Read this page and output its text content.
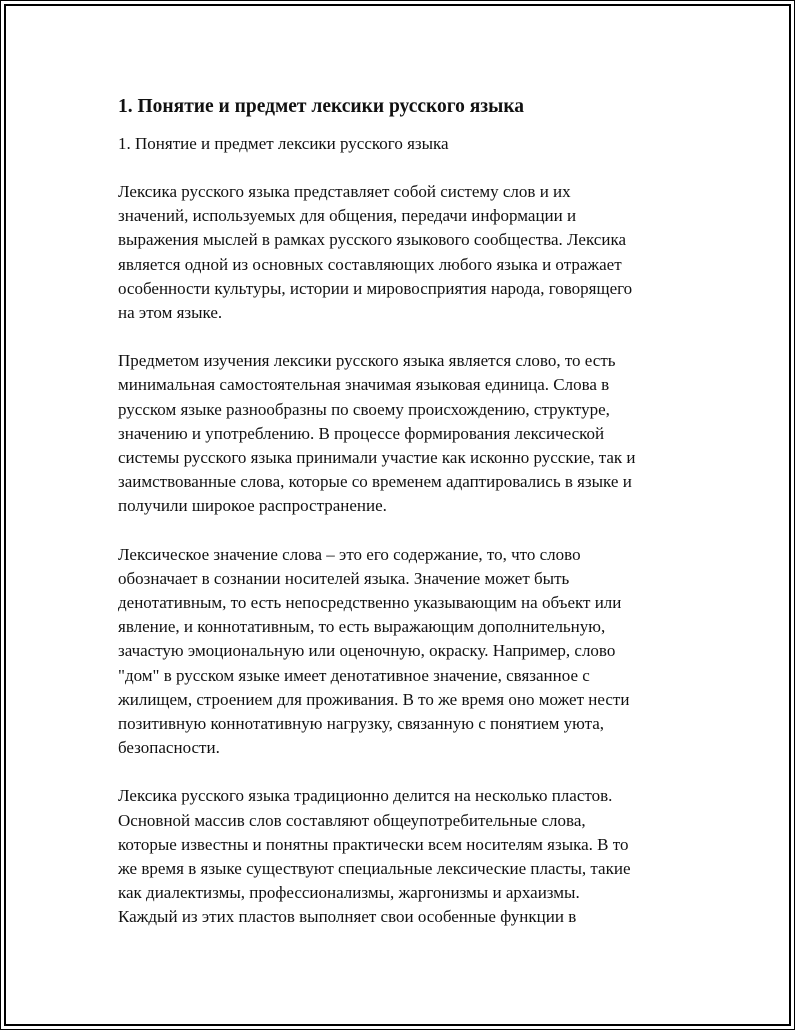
1. Понятие и предмет лексики русского языка
1. Понятие и предмет лексики русского языка
Лексика русского языка представляет собой систему слов и их
значений, используемых для общения, передачи информации и
выражения мыслей в рамках русского языкового сообщества. Лексика
является одной из основных составляющих любого языка и отражает
особенности культуры, истории и мировосприятия народа, говорящего
на этом языке.
Предметом изучения лексики русского языка является слово, то есть
минимальная самостоятельная значимая языковая единица. Слова в
русском языке разнообразны по своему происхождению, структуре,
значению и употреблению. В процессе формирования лексической
системы русского языка принимали участие как исконно русские, так и
заимствованные слова, которые со временем адаптировались в языке и
получили широкое распространение.
Лексическое значение слова – это его содержание, то, что слово
обозначает в сознании носителей языка. Значение может быть
денотативным, то есть непосредственно указывающим на объект или
явление, и коннотативным, то есть выражающим дополнительную,
зачастую эмоциональную или оценочную, окраску. Например, слово
"дом" в русском языке имеет денотативное значение, связанное с
жилищем, строением для проживания. В то же время оно может нести
позитивную коннотативную нагрузку, связанную с понятием уюта,
безопасности.
Лексика русского языка традиционно делится на несколько пластов.
Основной массив слов составляют общеупотребительные слова,
которые известны и понятны практически всем носителям языка. В то
же время в языке существуют специальные лексические пласты, такие
как диалектизмы, профессионализмы, жаргонизмы и архаизмы.
Каждый из этих пластов выполняет свои особенные функции в
